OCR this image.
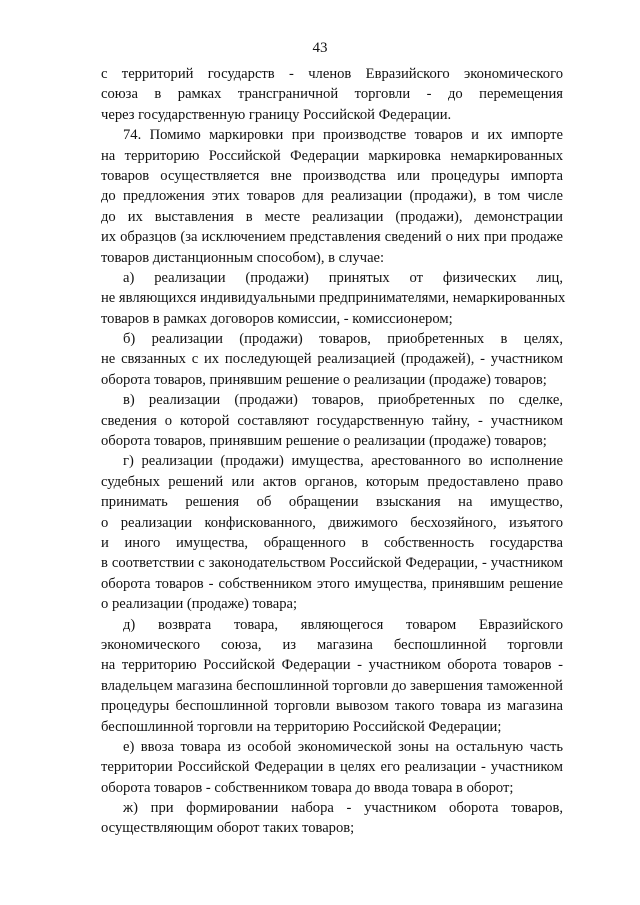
43
с территорий государств - членов Евразийского экономического
союза в рамках трансграничной торговли - до перемещения
через государственную границу Российской Федерации.
74. Помимо маркировки при производстве товаров и их импорте
на территорию Российской Федерации маркировка немаркированных
товаров осуществляется вне производства или процедуры импорта
до предложения этих товаров для реализации (продажи), в том числе
до их выставления в месте реализации (продажи), демонстрации
их образцов (за исключением представления сведений о них при продаже
товаров дистанционным способом), в случае:
а) реализации (продажи) принятых от физических лиц,
не являющихся индивидуальными предпринимателями, немаркированных
товаров в рамках договоров комиссии, - комиссионером;
б) реализации (продажи) товаров, приобретенных в целях,
не связанных с их последующей реализацией (продажей), - участником
оборота товаров, принявшим решение о реализации (продаже) товаров;
в) реализации (продажи) товаров, приобретенных по сделке,
сведения о которой составляют государственную тайну, - участником
оборота товаров, принявшим решение о реализации (продаже) товаров;
г) реализации (продажи) имущества, арестованного во исполнение
судебных решений или актов органов, которым предоставлено право
принимать решения об обращении взыскания на имущество,
о реализации конфискованного, движимого бесхозяйного, изъятого
и иного имущества, обращенного в собственность государства
в соответствии с законодательством Российской Федерации, - участником
оборота товаров - собственником этого имущества, принявшим решение
о реализации (продаже) товара;
д) возврата товара, являющегося товаром Евразийского
экономического союза, из магазина беспошлинной торговли
на территорию Российской Федерации - участником оборота товаров -
владельцем магазина беспошлинной торговли до завершения таможенной
процедуры беспошлинной торговли вывозом такого товара из магазина
беспошлинной торговли на территорию Российской Федерации;
е) ввоза товара из особой экономической зоны на остальную часть
территории Российской Федерации в целях его реализации - участником
оборота товаров - собственником товара до ввода товара в оборот;
ж) при формировании набора - участником оборота товаров,
осуществляющим оборот таких товаров;
